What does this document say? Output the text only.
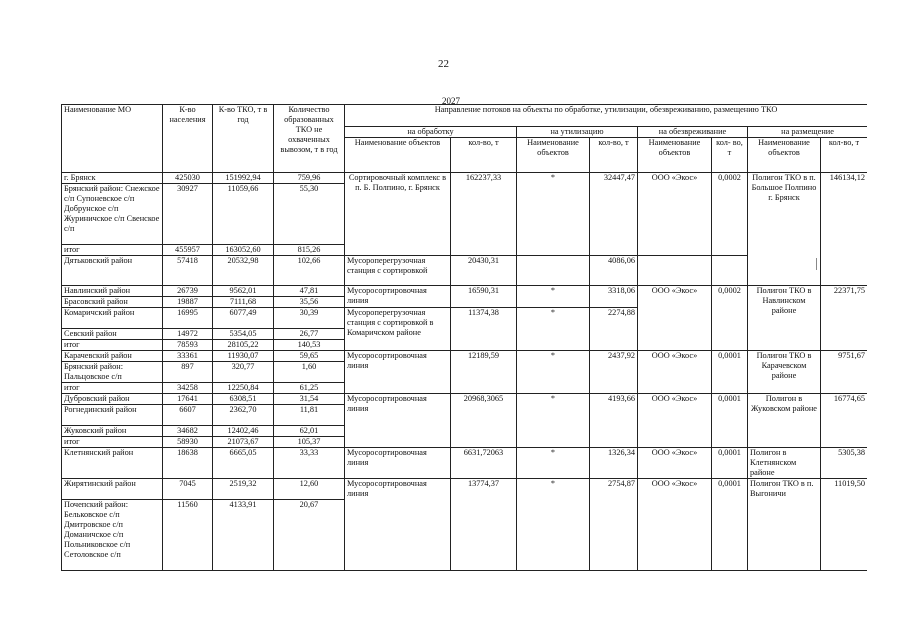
22
2027
Наименование МО	К-во населения	К-во ТКО, т в год	Количество образованных ТКО не охваченных вывозом, т в год	Направление потоков на объекты по обработке, утилизации, обезвреживанию, размещению ТКО							
				на обработку		на утилизацию		на обезвреживание		на размещение	
				Наименование объектов	кол-во, т	Наименование объектов	кол-во, т	Наименование объектов	кол- во, т	Наименование объектов	кол-во, т
г. Брянск	425030	151992,94	759,96	Сортировочный комплекс в п. Б. Полпино, г. Брянск	162237,33	*	32447,47	ООО «Экос»	0,0002	Полигон ТКО в п. Большое Полпино г. Брянск	146134,12
Брянский район: Снежское с/п Супоневское с/п Добрунское с/п Журиничское с/п Свенское с/п	30927	11059,66	55,30								
итог	455957	163052,60	815,26								
Дятьковский район	57418	20532,98	102,66	Мусороперегрузочная станция с сортировкой	20430,31		4086,06				
Навлинский район	26739	9562,01	47,81	Мусоросортировочная линия	16590,31	*	3318,06	ООО «Экос»	0,0002	Полигон ТКО в Навлинском районе	22371,75
Брасовский район	19887	7111,68	35,56								
Комаричский район	16995	6077,49	30,39	Мусороперегрузочная станция с сортировкой в Комаричском районе	11374,38	*	2274,88				
Севский район	14972	5354,05	26,77								
итог	78593	28105,22	140,53								
Карачевский район	33361	11930,07	59,65	Мусоросортировочная линия	12189,59	*	2437,92	ООО «Экос»	0,0001	Полигон ТКО в Карачевском районе	9751,67
Брянский район: Пальцовское с/п	897	320,77	1,60								
итог	34258	12250,84	61,25								
Дубровский район	17641	6308,51	31,54	Мусоросортировочная линия	20968,3065	*	4193,66	ООО «Экос»	0,0001	Полигон в Жуковском районе	16774,65
Рогнединский район	6607	2362,70	11,81								
Жуковский район	34682	12402,46	62,01								
итог	58930	21073,67	105,37								
Клетнянский район	18638	6665,05	33,33	Мусоросортировочная линия	6631,72063	*	1326,34	ООО «Экос»	0,0001	Полигон в Клетнянском районе	5305,38
Жирятинский район	7045	2519,32	12,60	Мусоросортировочная линия	13774,37	*	2754,87	ООО «Экос»	0,0001	Полигон ТКО в п. Выгоничи	11019,50
Почепский район: Бельковское с/п Дмитровское с/п Доманичское с/п Польниковское с/п Сетоловское с/п	11560	4133,91	20,67								
